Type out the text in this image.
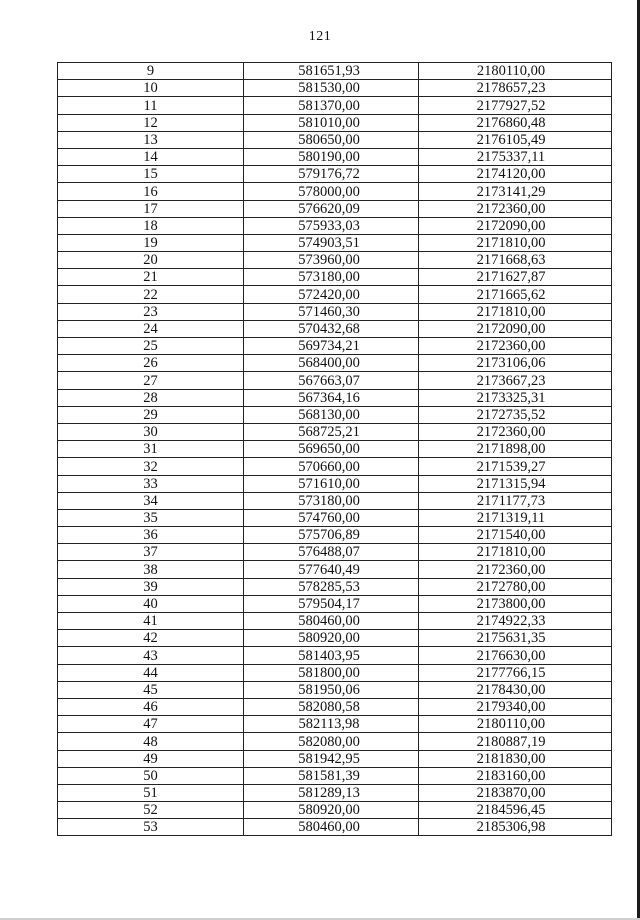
121
9	581651,93	2180110,00
10	581530,00	2178657,23
11	581370,00	2177927,52
12	581010,00	2176860,48
13	580650,00	2176105,49
14	580190,00	2175337,11
15	579176,72	2174120,00
16	578000,00	2173141,29
17	576620,09	2172360,00
18	575933,03	2172090,00
19	574903,51	2171810,00
20	573960,00	2171668,63
21	573180,00	2171627,87
22	572420,00	2171665,62
23	571460,30	2171810,00
24	570432,68	2172090,00
25	569734,21	2172360,00
26	568400,00	2173106,06
27	567663,07	2173667,23
28	567364,16	2173325,31
29	568130,00	2172735,52
30	568725,21	2172360,00
31	569650,00	2171898,00
32	570660,00	2171539,27
33	571610,00	2171315,94
34	573180,00	2171177,73
35	574760,00	2171319,11
36	575706,89	2171540,00
37	576488,07	2171810,00
38	577640,49	2172360,00
39	578285,53	2172780,00
40	579504,17	2173800,00
41	580460,00	2174922,33
42	580920,00	2175631,35
43	581403,95	2176630,00
44	581800,00	2177766,15
45	581950,06	2178430,00
46	582080,58	2179340,00
47	582113,98	2180110,00
48	582080,00	2180887,19
49	581942,95	2181830,00
50	581581,39	2183160,00
51	581289,13	2183870,00
52	580920,00	2184596,45
53	580460,00	2185306,98
